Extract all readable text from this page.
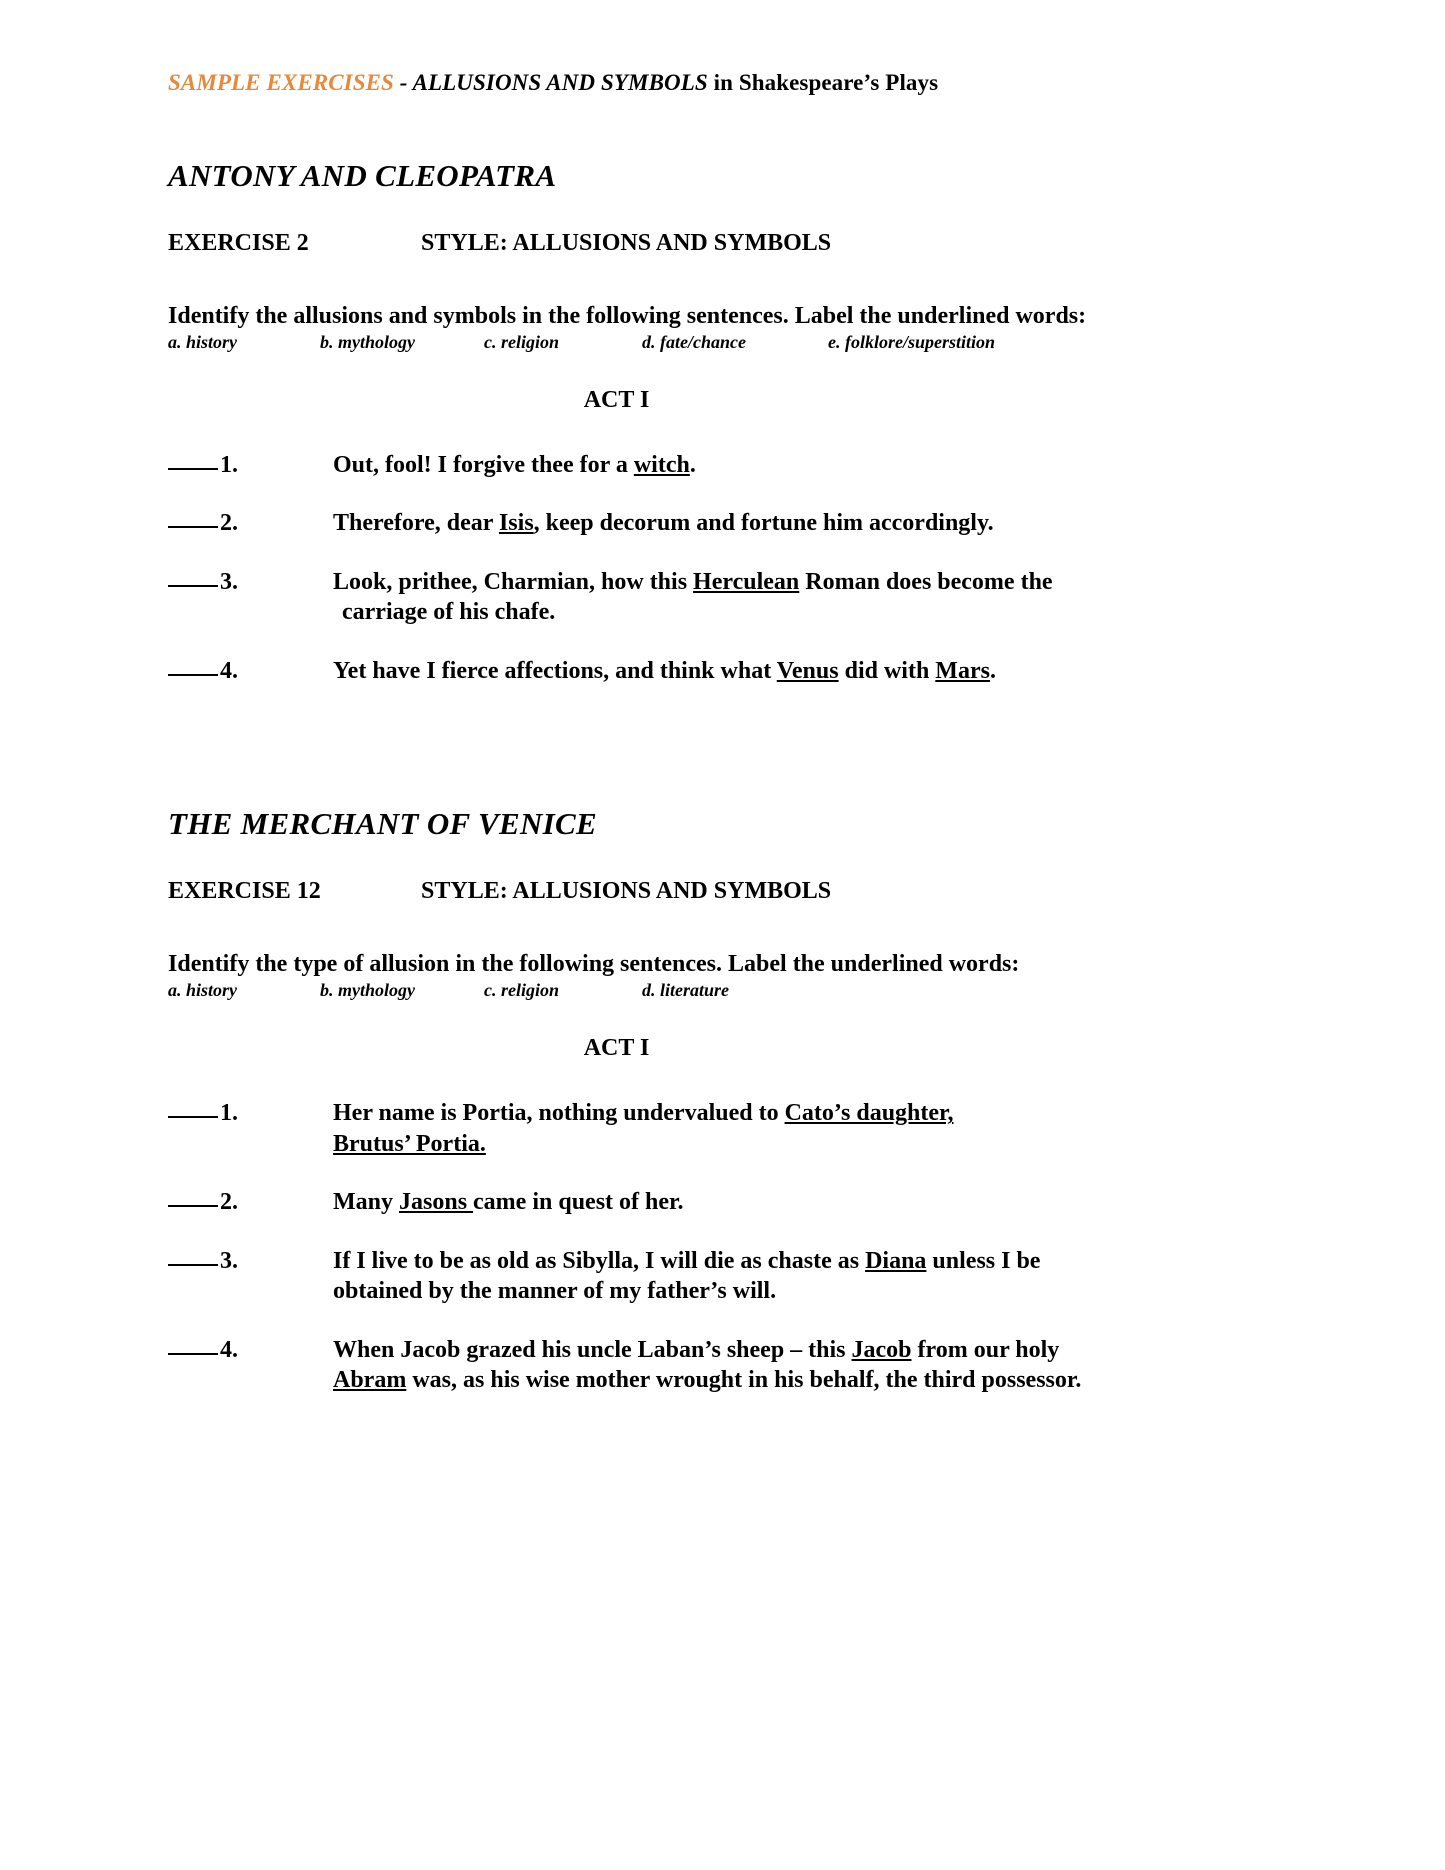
SAMPLE EXERCISES - ALLUSIONS AND SYMBOLS in Shakespeare’s Plays
ANTONY AND CLEOPATRA
EXERCISE 2	STYLE: ALLUSIONS AND SYMBOLS
Identify the allusions and symbols in the following sentences. Label the underlined words:
a. history	b. mythology	c. religion	d. fate/chance	e. folklore/superstition
ACT I
1.	Out, fool! I forgive thee for a witch.
2.	Therefore, dear Isis, keep decorum and fortune him accordingly.
3.	Look, prithee, Charmian, how this Herculean Roman does become the
carriage of his chafe.
4.	Yet have I fierce affections, and think what Venus did with Mars.
THE MERCHANT OF VENICE
EXERCISE 12	STYLE: ALLUSIONS AND SYMBOLS
Identify the type of allusion in the following sentences. Label the underlined words:
a. history	b. mythology	c. religion	d. literature
ACT I
1.	Her name is Portia, nothing undervalued to Cato’s daughter,
Brutus’ Portia.
2.	Many Jasons came in quest of her.
3.	If I live to be as old as Sibylla, I will die as chaste as Diana unless I be
obtained by the manner of my father’s will.
4.	When Jacob grazed his uncle Laban’s sheep – this Jacob from our holy
Abram was, as his wise mother wrought in his behalf, the third possessor.
